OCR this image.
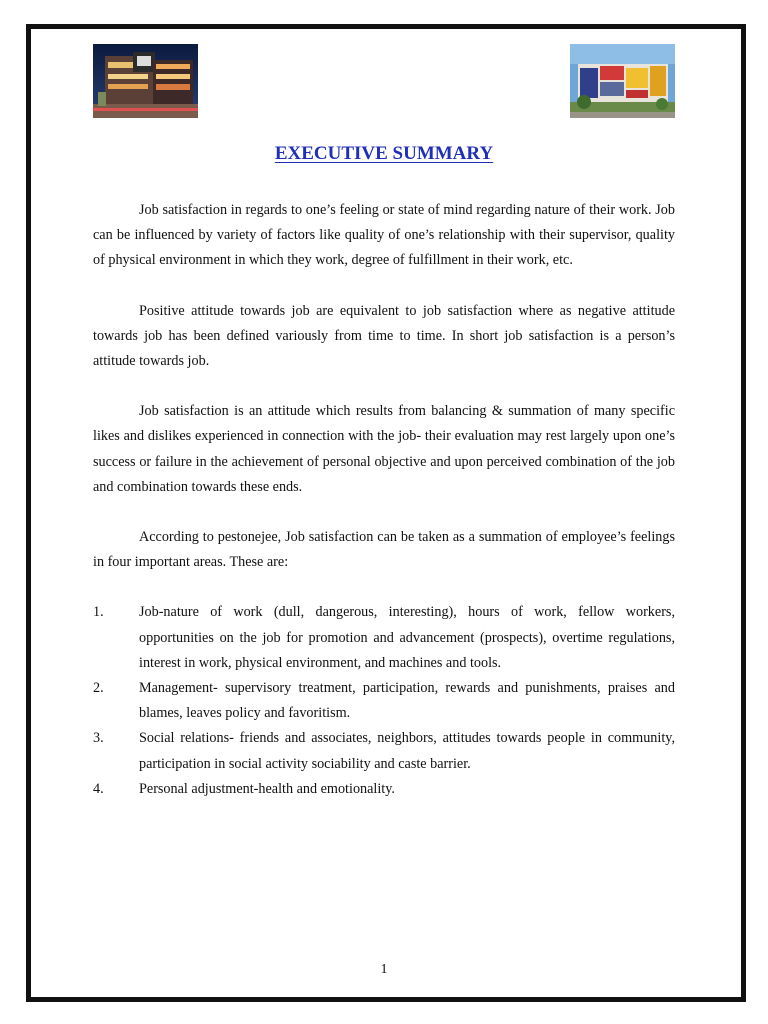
EXECUTIVE SUMMARY

Job satisfaction in regards to one’s feeling or state of mind regarding nature of their work. Job can be influenced by variety of factors like quality of one’s relationship with their supervisor, quality of physical environment in which they work, degree of fulfillment in their work, etc.

Positive attitude towards job are equivalent to job satisfaction where as negative attitude towards job has been defined variously from time to time. In short job satisfaction is a person’s attitude towards job.

Job satisfaction is an attitude which results from balancing & summation of many specific likes and dislikes experienced in connection with the job- their evaluation may rest largely upon one’s success or failure in the achievement of personal objective and upon perceived combination of the job and combination towards these ends.

According to pestonejee, Job satisfaction can be taken as a summation of employee’s feelings in four important areas. These are:

1.	Job-nature of work (dull, dangerous, interesting), hours of work, fellow workers, opportunities on the job for promotion and advancement (prospects), overtime regulations, interest in work, physical environment, and machines and tools.
2.	Management- supervisory treatment, participation, rewards and punishments, praises and blames, leaves policy and favoritism.
3.	Social relations- friends and associates, neighbors, attitudes towards people in community, participation in social activity sociability and caste barrier.
4.	Personal adjustment-health and emotionality.
1
